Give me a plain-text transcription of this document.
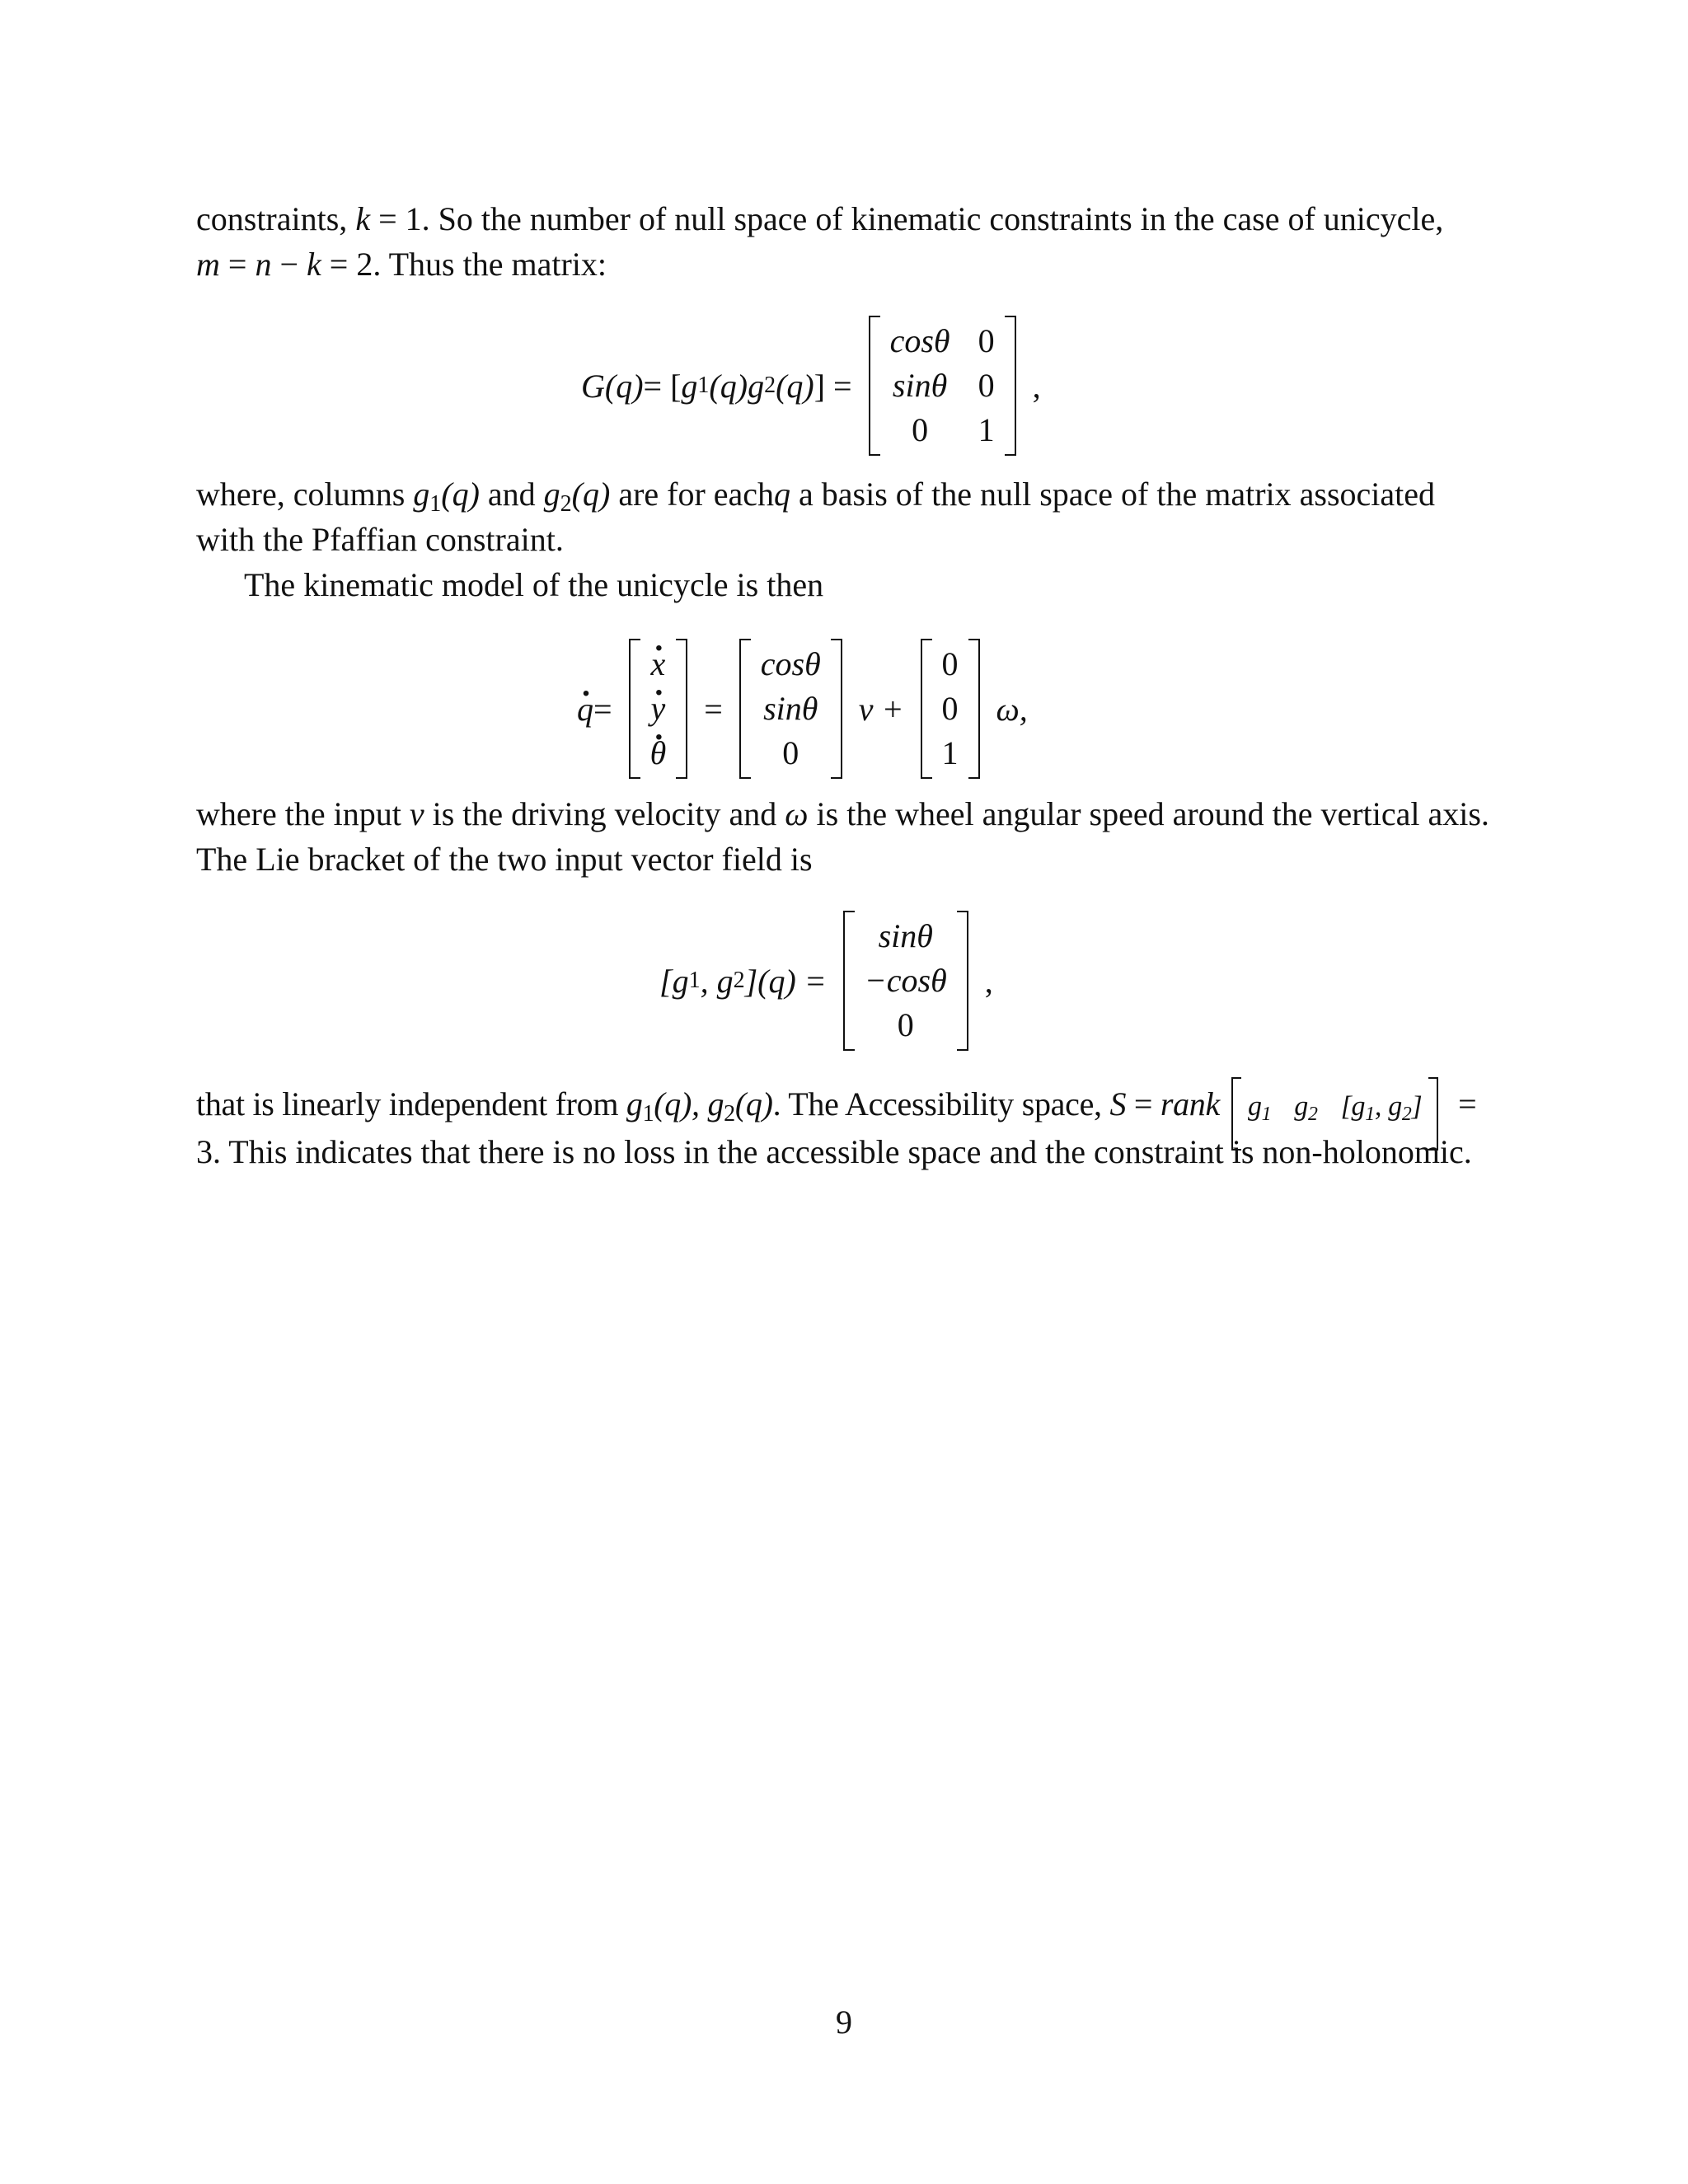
constraints, k = 1. So the number of null space of kinematic constraints in the case of unicycle,
m = n − k = 2. Thus the matrix:
G (q) = [ g 1 (q) g 2 (q) ] =
cosθ 0
sinθ 0
0 1
,
where, columns $g_1(q)$ and $g_2(q)$ are for eachq a basis of the null space of the matrix associated
with the Pfaffian constraint.
The kinematic model of the unicycle is then
q . =
x .
y .
θ .
=
cosθ
sinθ
0
v +
0
0
1
ω,
where the input v is the driving velocity and ω is the wheel angular speed around the vertical axis.
The Lie bracket of the two input vector field is
[g 1 , g 2 ](q) =
sinθ
−cosθ
0
,
that is linearly independent from $g_1(q)$, $g_2(q)$. The Accessibility space, S = rank $g_1$ $g_2$ [$g_1$, $g_2$] =
3. This indicates that there is no loss in the accessible space and the constraint is non-holonomic.
9
